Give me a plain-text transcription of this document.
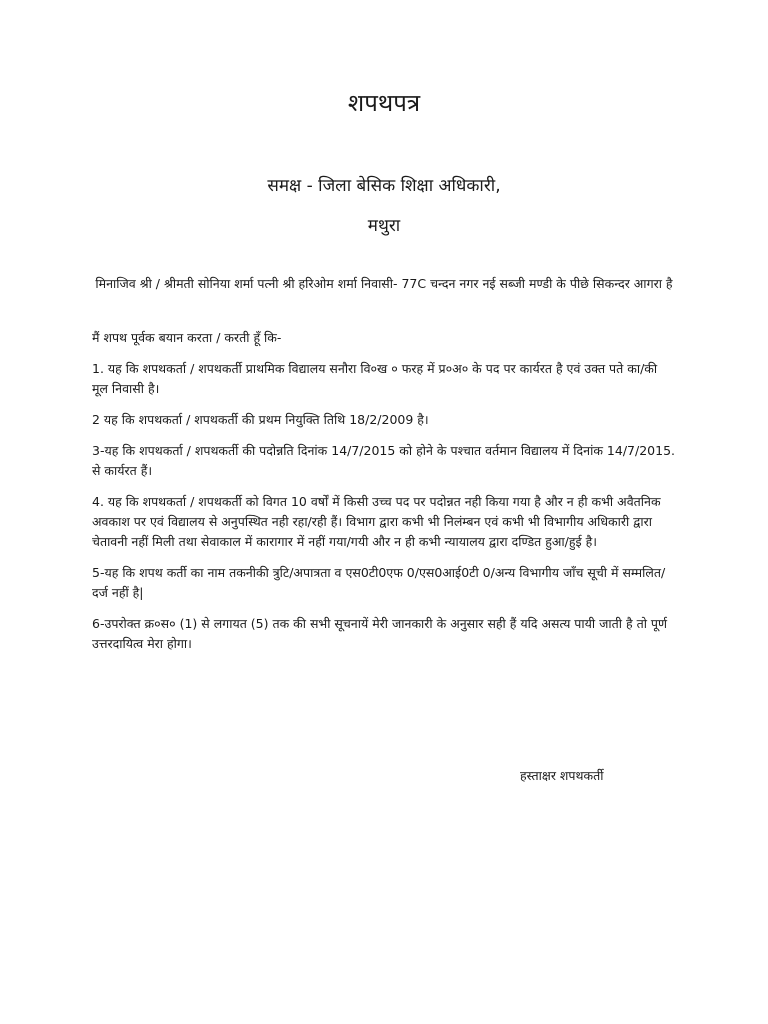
शपथपत्र
समक्ष - जिला बेसिक शिक्षा अधिकारी,
मथुरा
मिनाजिव श्री / श्रीमती सोनिया शर्मा पत्नी श्री हरिओम शर्मा निवासी- 77C चन्दन नगर नई सब्जी मण्डी के पीछे सिकन्दर आगरा है

मैं शपथ पूर्वक बयान करता / करती हूँ कि-

1. यह कि शपथकर्ता / शपथकर्ती प्राथमिक विद्यालय सनौरा वि०ख ० फरह में प्र०अ० के पद पर कार्यरत है एवं उक्त पते का/की मूल निवासी है।

2 यह कि शपथकर्ता / शपथकर्ती की प्रथम नियुक्ति तिथि 18/2/2009 है।

3-यह कि शपथकर्ता / शपथकर्ती की पदोन्नति दिनांक 14/7/2015 को होने के पश्चात वर्तमान विद्यालय में दिनांक 14/7/2015. से कार्यरत हैं।

4. यह कि शपथकर्ता / शपथकर्ती को विगत 10 वर्षों में किसी उच्च पद पर पदोन्नत नही किया गया है और न ही कभी अवैतनिक अवकाश पर एवं विद्यालय से अनुपस्थित नही रहा/रही हैं। विभाग द्वारा कभी भी निलंम्बन एवं कभी भी विभागीय अधिकारी द्वारा चेतावनी नहीं मिली तथा सेवाकाल में कारागार में नहीं गया/गयी और न ही कभी न्यायालय द्वारा दण्डित हुआ/हुई है।

5-यह कि शपथ कर्ती का नाम तकनीकी त्रुटि/अपात्रता व एस0टी0एफ 0/एस0आई0टी 0/अन्य विभागीय जाँच सूची में सम्मलित/ दर्ज नहीं है|

6-उपरोक्त क्र०स० (1) से लगायत (5) तक की सभी सूचनायें मेरी जानकारी के अनुसार सही हैं यदि असत्य पायी जाती है तो पूर्ण उत्तरदायित्व मेरा होगा।

हस्ताक्षर शपथकर्ती
